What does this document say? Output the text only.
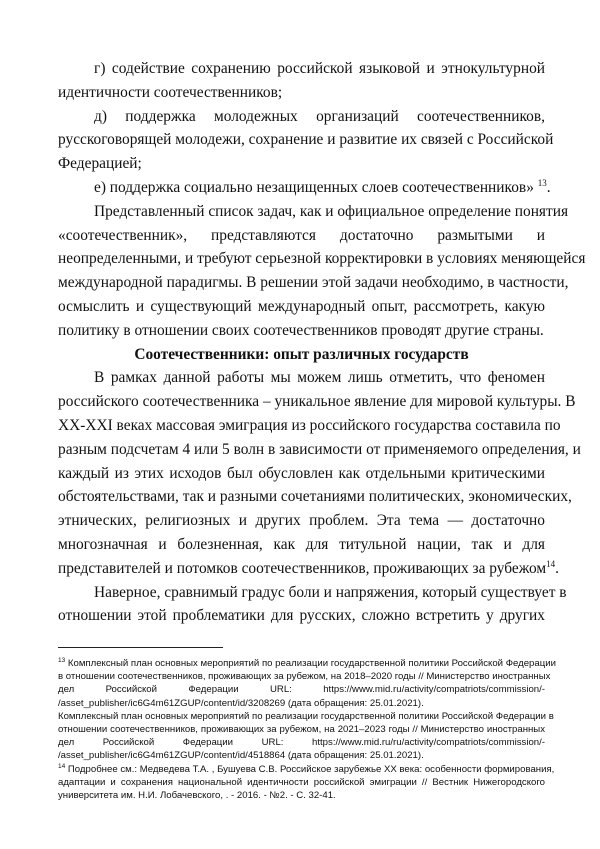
г) содействие сохранению российской языковой и этнокультурной
идентичности соотечественников;
д) поддержка молодежных организаций соотечественников,
русскоговорящей молодежи, сохранение и развитие их связей с Российской
Федерацией;
е) поддержка социально незащищенных слоев соотечественников» $^{13}$.
Представленный список задач, как и официальное определение понятия
«соотечественник», представляются достаточно размытыми и
неопределенными, и требуют серьезной корректировки в условиях меняющейся
международной парадигмы. В решении этой задачи необходимо, в частности,
осмыслить и существующий международный опыт, рассмотреть, какую
политику в отношении своих соотечественников проводят другие страны.
Соотечественники: опыт различных государств
В рамках данной работы мы можем лишь отметить, что феномен
российского соотечественника – уникальное явление для мировой культуры. В
XX-XXI веках массовая эмиграция из российского государства составила по
разным подсчетам 4 или 5 волн в зависимости от применяемого определения, и
каждый из этих исходов был обусловлен как отдельными критическими
обстоятельствами, так и разными сочетаниями политических, экономических,
этнических, религиозных и других проблем. Эта тема — достаточно
многозначная и болезненная, как для титульной нации, так и для
представителей и потомков соотечественников, проживающих за рубежом$^{14}$.
Наверное, сравнимый градус боли и напряжения, который существует в
отношении этой проблематики для русских, сложно встретить у других
$^{13}$ Комплексный план основных мероприятий по реализации государственной политики Российской Федерации
в отношении соотечественников, проживающих за рубежом, на 2018–2020 годы // Министерство иностранных
дел Российской Федерации URL: https://www.mid.ru/activity/compatriots/commission/-
/asset_publisher/ic6G4m61ZGUP/content/id/3208269 (дата обращения: 25.01.2021).
Комплексный план основных мероприятий по реализации государственной политики Российской Федерации в
отношении соотечественников, проживающих за рубежом, на 2021–2023 годы // Министерство иностранных
дел Российской Федерации URL: https://www.mid.ru/ru/activity/compatriots/commission/-
/asset_publisher/ic6G4m61ZGUP/content/id/4518864 (дата обращения: 25.01.2021).
$^{14}$ Подробнее см.: Медведева Т.А. , Бушуева С.В. Российское зарубежье XX века: особенности формирования,
адаптации и сохранения национальной идентичности российской эмиграции // Вестник Нижегородского
университета им. Н.И. Лобачевского, . - 2016. - №2. - С. 32-41.
